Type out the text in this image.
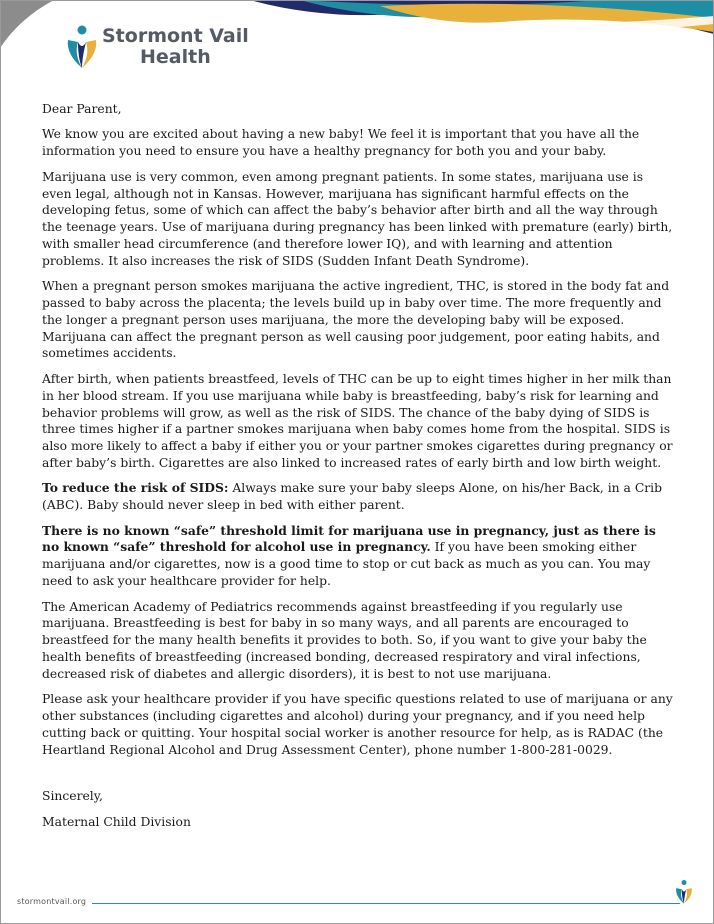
Stormont Vail
Health

Dear Parent,

We know you are excited about having a new baby! We feel it is important that you have all the information you need to ensure you have a healthy pregnancy for both you and your baby.

Marijuana use is very common, even among pregnant patients. In some states, marijuana use is even legal, although not in Kansas. However, marijuana has significant harmful effects on the developing fetus, some of which can affect the baby’s behavior after birth and all the way through the teenage years. Use of marijuana during pregnancy has been linked with premature (early) birth, with smaller head circumference (and therefore lower IQ), and with learning and attention problems. It also increases the risk of SIDS (Sudden Infant Death Syndrome).

When a pregnant person smokes marijuana the active ingredient, THC, is stored in the body fat and passed to baby across the placenta; the levels build up in baby over time. The more frequently and the longer a pregnant person uses marijuana, the more the developing baby will be exposed. Marijuana can affect the pregnant person as well causing poor judgement, poor eating habits, and sometimes accidents.

After birth, when patients breastfeed, levels of THC can be up to eight times higher in her milk than in her blood stream. If you use marijuana while baby is breastfeeding, baby’s risk for learning and behavior problems will grow, as well as the risk of SIDS. The chance of the baby dying of SIDS is three times higher if a partner smokes marijuana when baby comes home from the hospital. SIDS is also more likely to affect a baby if either you or your partner smokes cigarettes during pregnancy or after baby’s birth. Cigarettes are also linked to increased rates of early birth and low birth weight.

To reduce the risk of SIDS: Always make sure your baby sleeps Alone, on his/her Back, in a Crib (ABC). Baby should never sleep in bed with either parent.

There is no known “safe” threshold limit for marijuana use in pregnancy, just as there is no known “safe” threshold for alcohol use in pregnancy. If you have been smoking either marijuana and/or cigarettes, now is a good time to stop or cut back as much as you can. You may need to ask your healthcare provider for help.

The American Academy of Pediatrics recommends against breastfeeding if you regularly use marijuana. Breastfeeding is best for baby in so many ways, and all parents are encouraged to breastfeed for the many health benefits it provides to both. So, if you want to give your baby the health benefits of breastfeeding (increased bonding, decreased respiratory and viral infections, decreased risk of diabetes and allergic disorders), it is best to not use marijuana.

Please ask your healthcare provider if you have specific questions related to use of marijuana or any other substances (including cigarettes and alcohol) during your pregnancy, and if you need help cutting back or quitting. Your hospital social worker is another resource for help, as is RADAC (the Heartland Regional Alcohol and Drug Assessment Center), phone number 1-800-281-0029.

Sincerely,

Maternal Child Division

stormontvail.org
